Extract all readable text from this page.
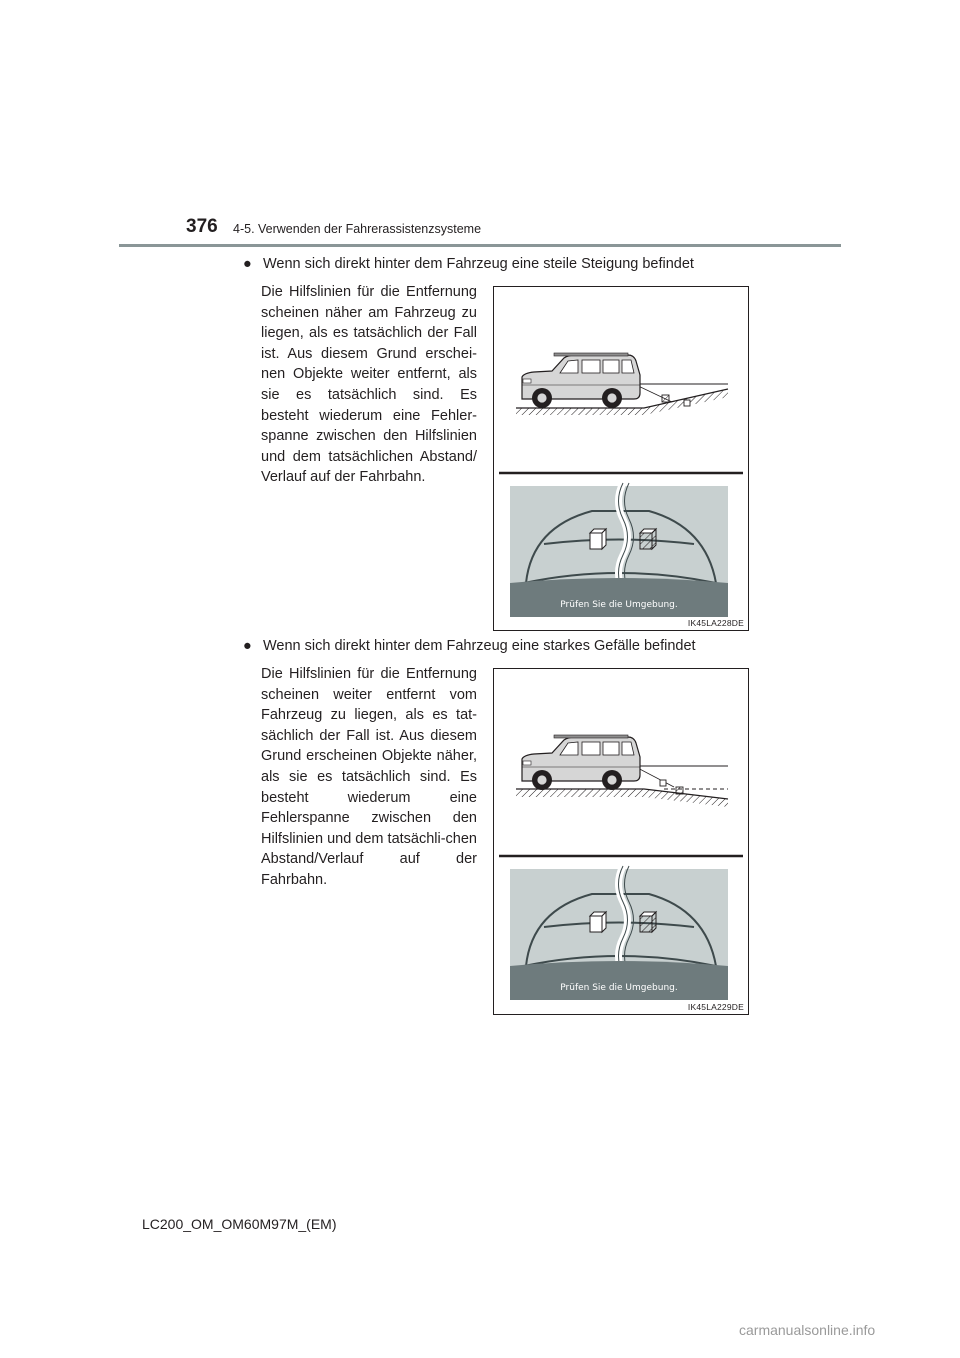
376 4-5. Verwenden der Fahrerassistenzsysteme
● Wenn sich direkt hinter dem Fahrzeug eine steile Steigung befindet
Die Hilfslinien für die Entfernung scheinen näher am Fahrzeug zu liegen, als es tatsächlich der Fall ist. Aus diesem Grund erschei-nen Objekte weiter entfernt, als sie es tatsächlich sind. Es besteht wiederum eine Fehler-spanne zwischen den Hilfslinien und dem tatsächlichen Abstand/ Verlauf auf der Fahrbahn.
Prüfen Sie die Umgebung.
IK45LA228DE
● Wenn sich direkt hinter dem Fahrzeug eine starkes Gefälle befindet
Die Hilfslinien für die Entfernung scheinen weiter entfernt vom Fahrzeug zu liegen, als es tat-sächlich der Fall ist. Aus diesem Grund erscheinen Objekte näher, als sie es tatsächlich sind. Es besteht wiederum eine Fehlerspanne zwischen den Hilfslinien und dem tatsächli-chen Abstand/Verlauf auf der Fahrbahn.
Prüfen Sie die Umgebung.
IK45LA229DE
LC200_OM_OM60M97M_(EM)
carmanualsonline.info
